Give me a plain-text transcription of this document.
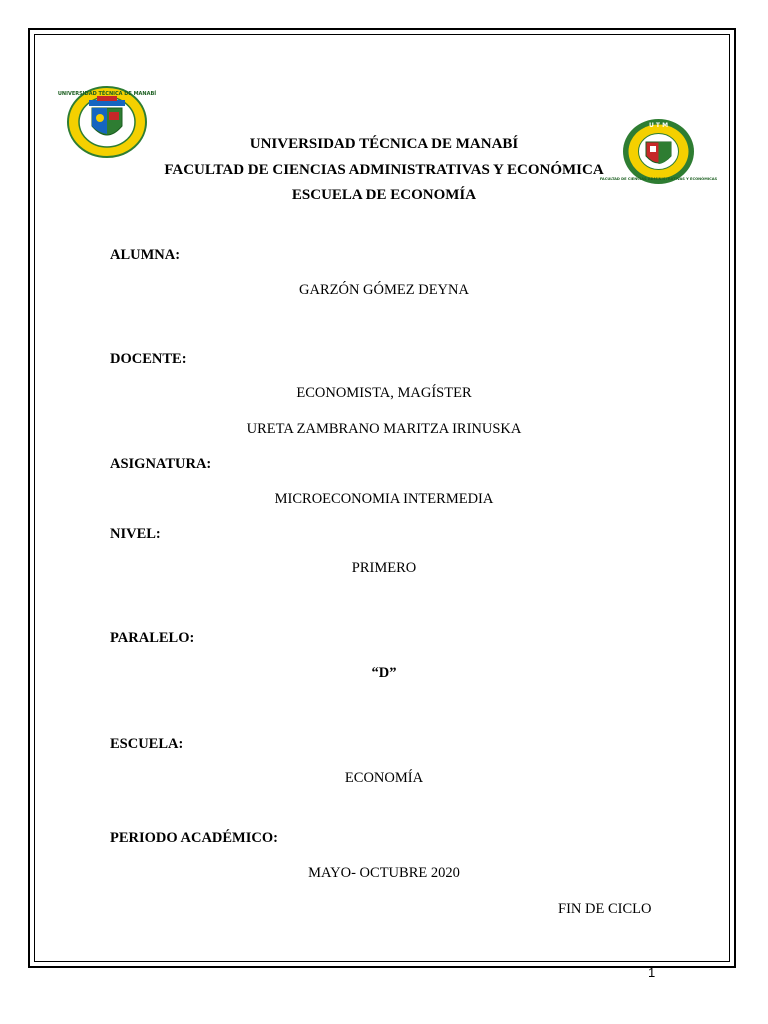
UNIVERSIDAD TÉCNICA DE MANABÍ
U T M
FACULTAD DE CIENCIAS ADMINISTRATIVAS Y ECONÓMICAS
UNIVERSIDAD TÉCNICA DE MANABÍ
FACULTAD DE CIENCIAS ADMINISTRATIVAS Y ECONÓMICA
ESCUELA DE ECONOMÍA
ALUMNA:
GARZÓN GÓMEZ DEYNA
DOCENTE:
ECONOMISTA, MAGÍSTER
URETA ZAMBRANO MARITZA IRINUSKA
ASIGNATURA:
MICROECONOMIA INTERMEDIA
NIVEL:
PRIMERO
PARALELO:
“D”
ESCUELA:
ECONOMÍA
PERIODO ACADÉMICO:
MAYO- OCTUBRE 2020
FIN DE CICLO
1
